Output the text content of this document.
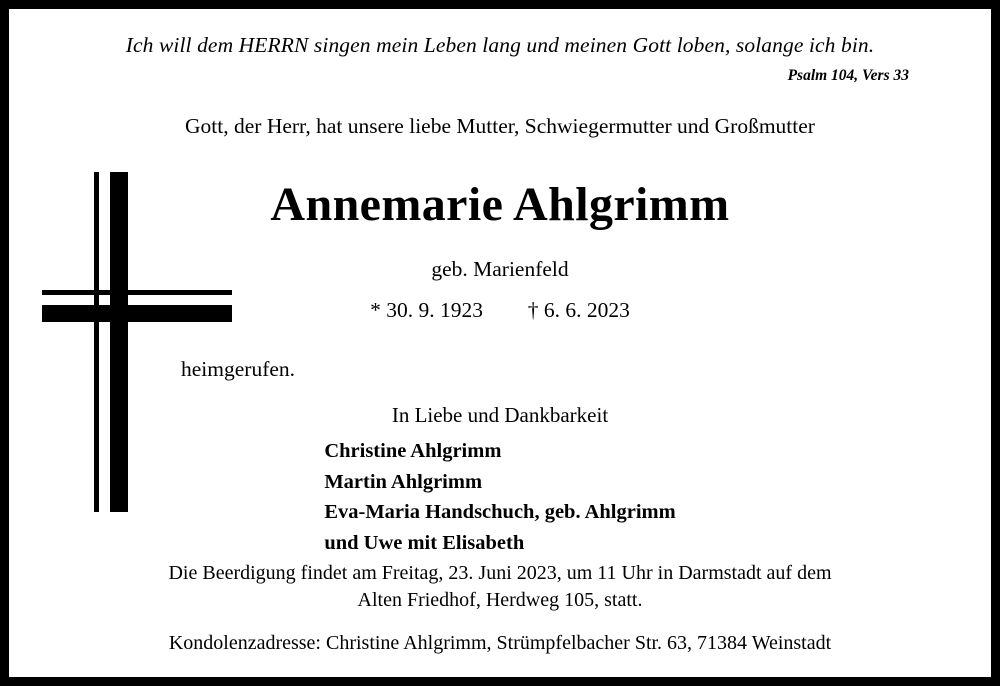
Ich will dem HERRN singen mein Leben lang und meinen Gott loben, solange ich bin.
Psalm 104, Vers 33
Gott, der Herr, hat unsere liebe Mutter, Schwiegermutter und Großmutter
Annemarie Ahlgrimm
geb. Marienfeld
* 30. 9. 1923 † 6. 6. 2023
heimgerufen.
In Liebe und Dankbarkeit
Christine Ahlgrimm
Martin Ahlgrimm
Eva-Maria Handschuch, geb. Ahlgrimm
und Uwe mit Elisabeth
Die Beerdigung findet am Freitag, 23. Juni 2023, um 11 Uhr in Darmstadt auf dem
Alten Friedhof, Herdweg 105, statt.
Kondolenzadresse: Christine Ahlgrimm, Strümpfelbacher Str. 63, 71384 Weinstadt
